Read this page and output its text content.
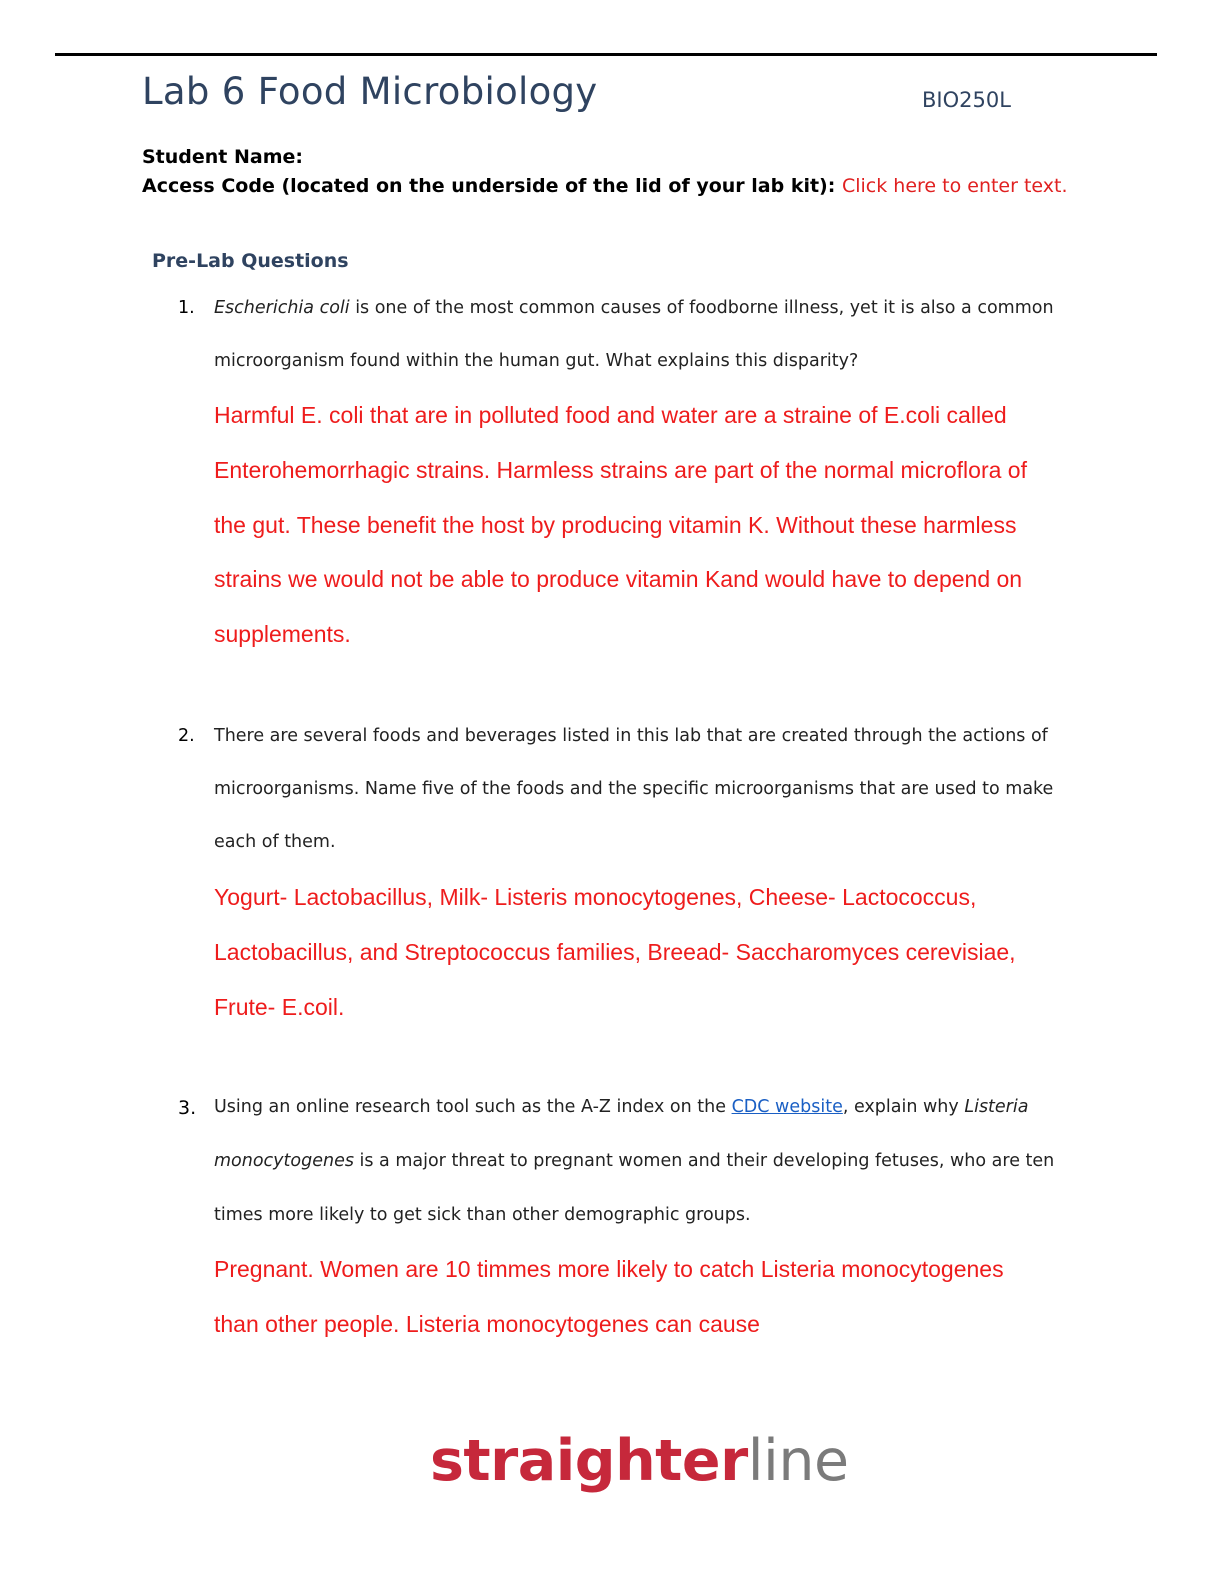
Lab 6 Food Microbiology	BIO250L
Student Name:
Access Code (located on the underside of the lid of your lab kit): Click here to enter text.
Pre-Lab Questions
1. Escherichia coli is one of the most common causes of foodborne illness, yet it is also a common
microorganism found within the human gut. What explains this disparity?
Harmful E. coli that are in polluted food and water are a straine of E.coli called
Enterohemorrhagic strains. Harmless strains are part of the normal microflora of
the gut. These benefit the host by producing vitamin K. Without these harmless
strains we would not be able to produce vitamin Kand would have to depend on
supplements.
2. There are several foods and beverages listed in this lab that are created through the actions of
microorganisms. Name five of the foods and the specific microorganisms that are used to make
each of them.
Yogurt- Lactobacillus, Milk- Listeris monocytogenes, Cheese- Lactococcus,
Lactobacillus, and Streptococcus families, Breead- Saccharomyces cerevisiae,
Frute- E.coil.
3. Using an online research tool such as the A-Z index on the CDC website, explain why Listeria
monocytogenes is a major threat to pregnant women and their developing fetuses, who are ten
times more likely to get sick than other demographic groups.
Pregnant. Women are 10 timmes more likely to catch Listeria monocytogenes
than other people. Listeria monocytogenes can cause
straighterline
